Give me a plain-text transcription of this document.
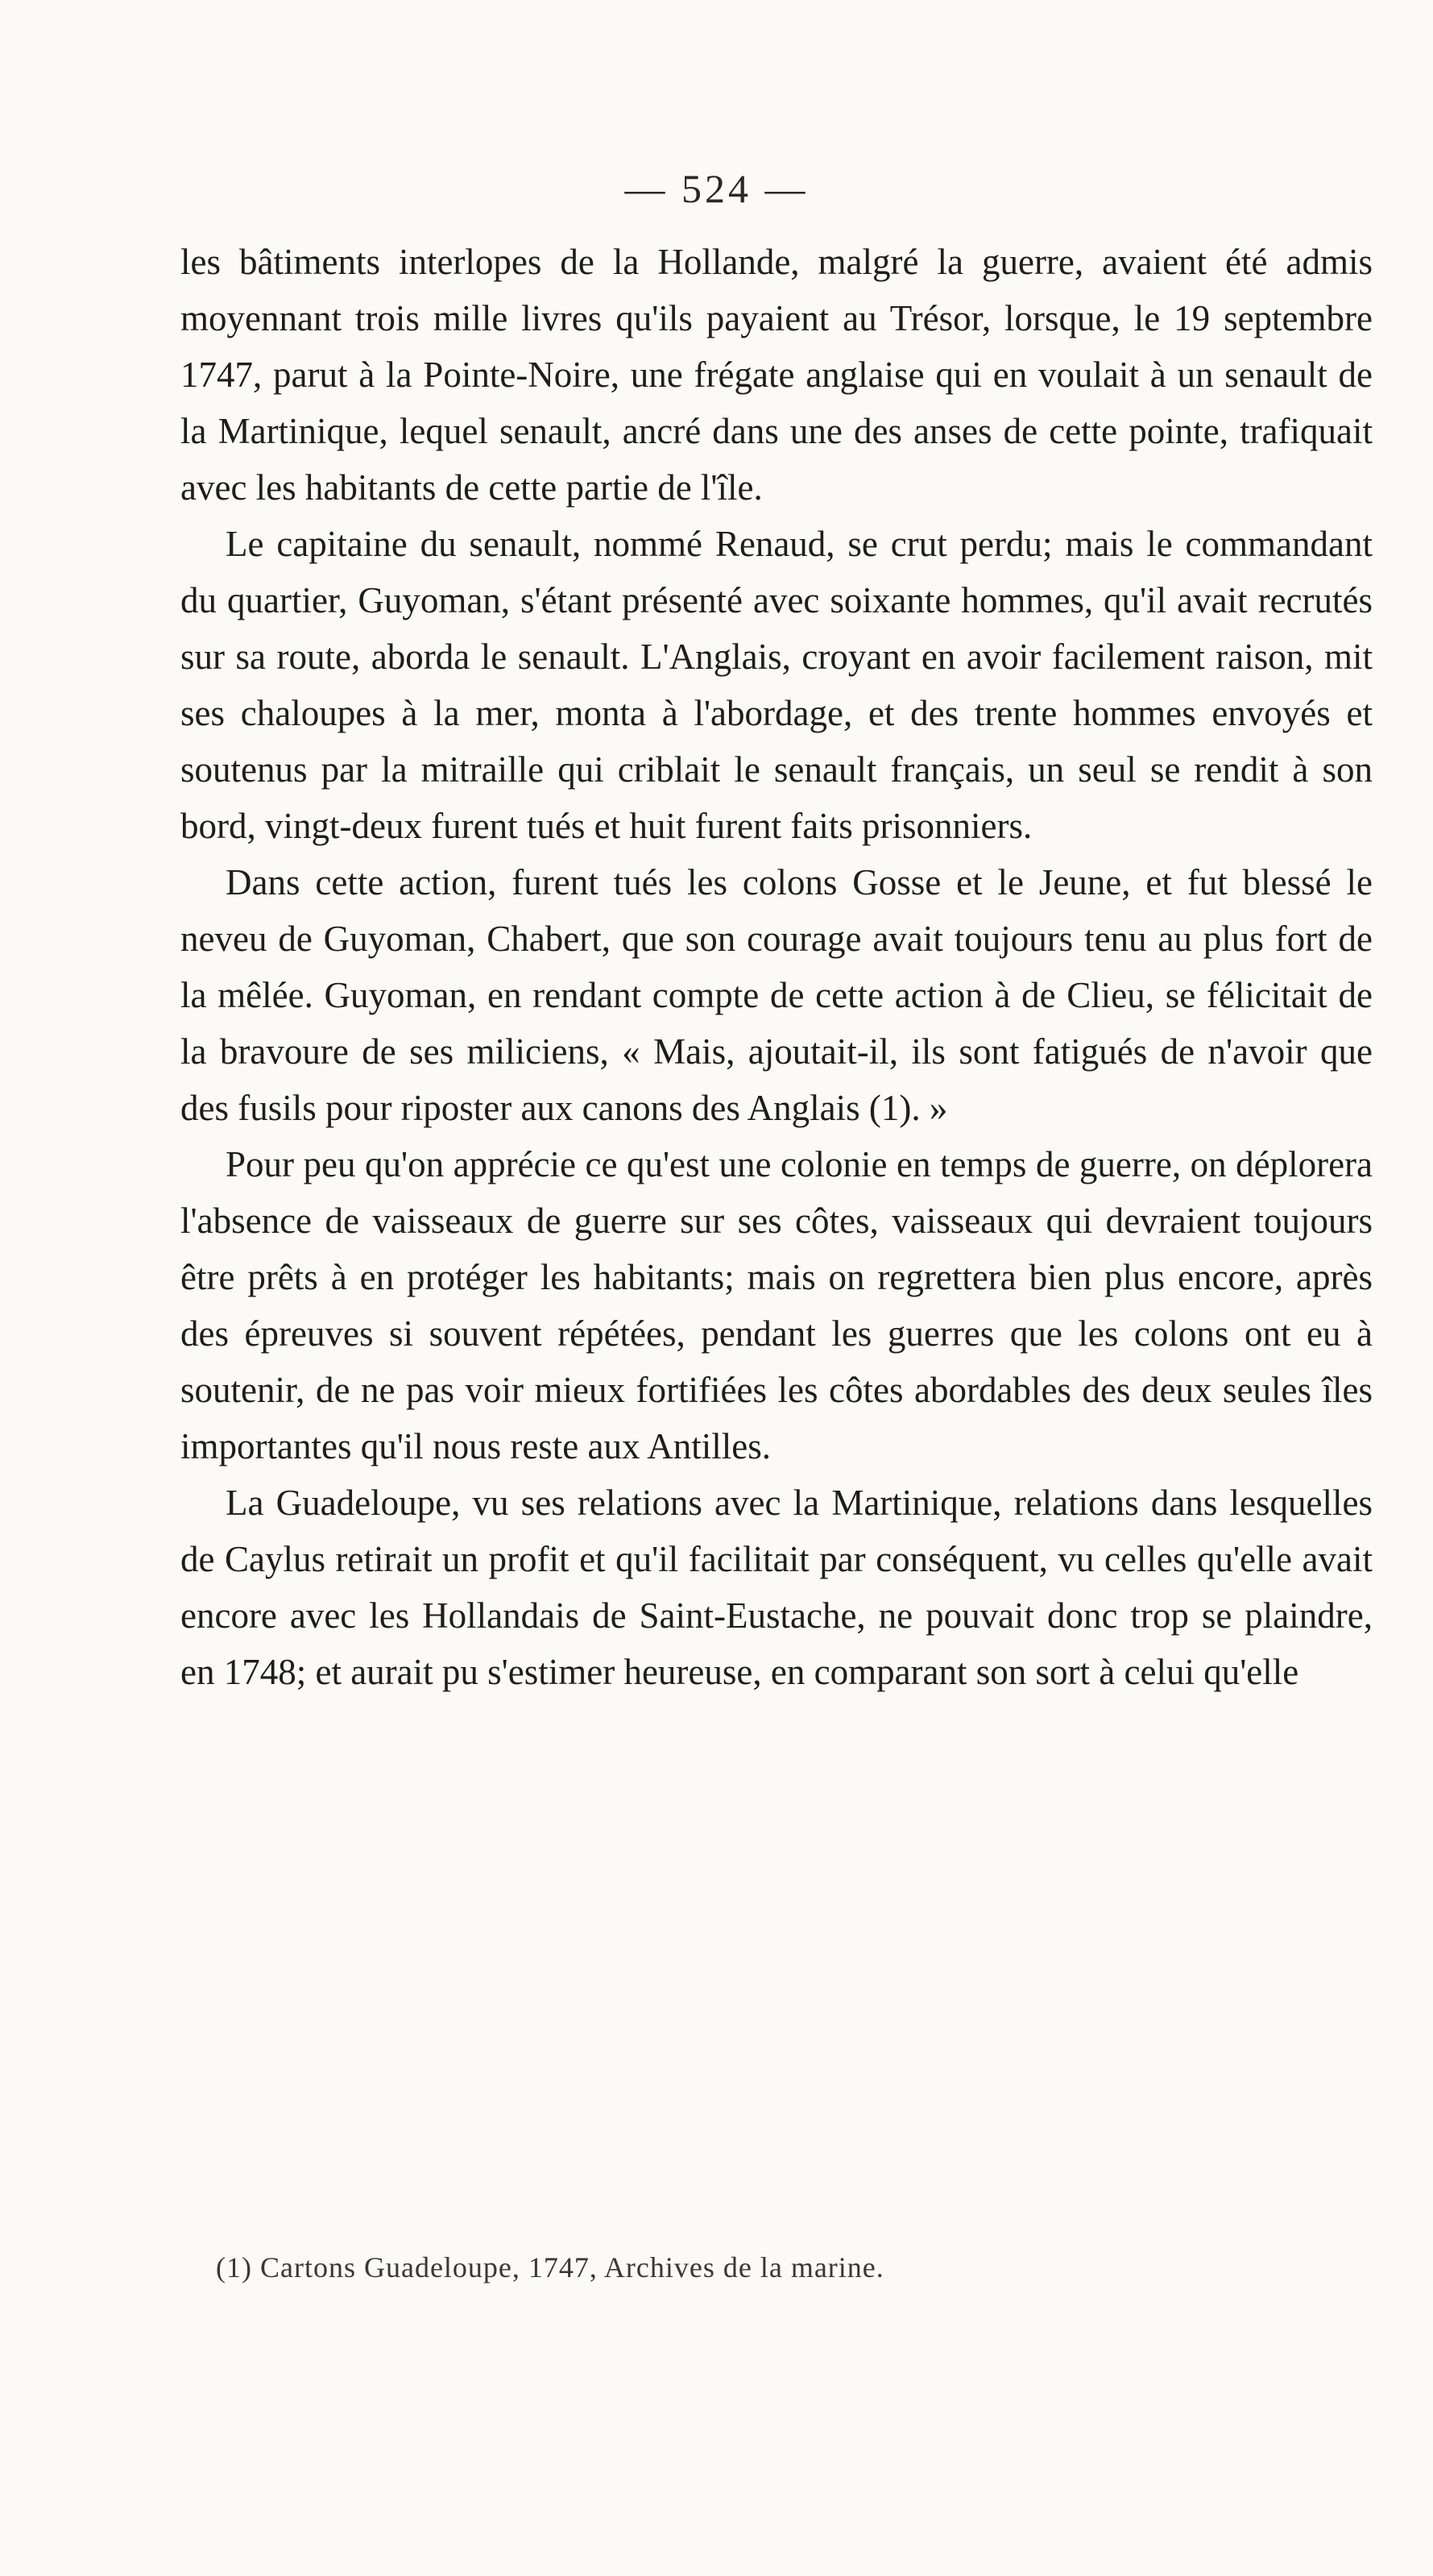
— 524 —

les bâtiments interlopes de la Hollande, malgré la guerre, avaient été admis moyennant trois mille livres qu'ils payaient au Trésor, lorsque, le 19 septembre 1747, parut à la Pointe-Noire, une frégate anglaise qui en voulait à un senault de la Martinique, lequel senault, ancré dans une des anses de cette pointe, trafiquait avec les habitants de cette partie de l'île.

Le capitaine du senault, nommé Renaud, se crut perdu; mais le commandant du quartier, Guyoman, s'étant présenté avec soixante hommes, qu'il avait recrutés sur sa route, aborda le senault. L'Anglais, croyant en avoir facilement raison, mit ses chaloupes à la mer, monta à l'abordage, et des trente hommes envoyés et soutenus par la mitraille qui criblait le senault français, un seul se rendit à son bord, vingt-deux furent tués et huit furent faits prisonniers.

Dans cette action, furent tués les colons Gosse et le Jeune, et fut blessé le neveu de Guyoman, Chabert, que son courage avait toujours tenu au plus fort de la mêlée. Guyoman, en rendant compte de cette action à de Clieu, se félicitait de la bravoure de ses miliciens, « Mais, ajoutait-il, ils sont fatigués de n'avoir que des fusils pour riposter aux canons des Anglais (1). »

Pour peu qu'on apprécie ce qu'est une colonie en temps de guerre, on déplorera l'absence de vaisseaux de guerre sur ses côtes, vaisseaux qui devraient toujours être prêts à en protéger les habitants; mais on regrettera bien plus encore, après des épreuves si souvent répétées, pendant les guerres que les colons ont eu à soutenir, de ne pas voir mieux fortifiées les côtes abordables des deux seules îles importantes qu'il nous reste aux Antilles.

La Guadeloupe, vu ses relations avec la Martinique, relations dans lesquelles de Caylus retirait un profit et qu'il facilitait par conséquent, vu celles qu'elle avait encore avec les Hollandais de Saint-Eustache, ne pouvait donc trop se plaindre, en 1748; et aurait pu s'estimer heureuse, en comparant son sort à celui qu'elle

(1) Cartons Guadeloupe, 1747, Archives de la marine.
